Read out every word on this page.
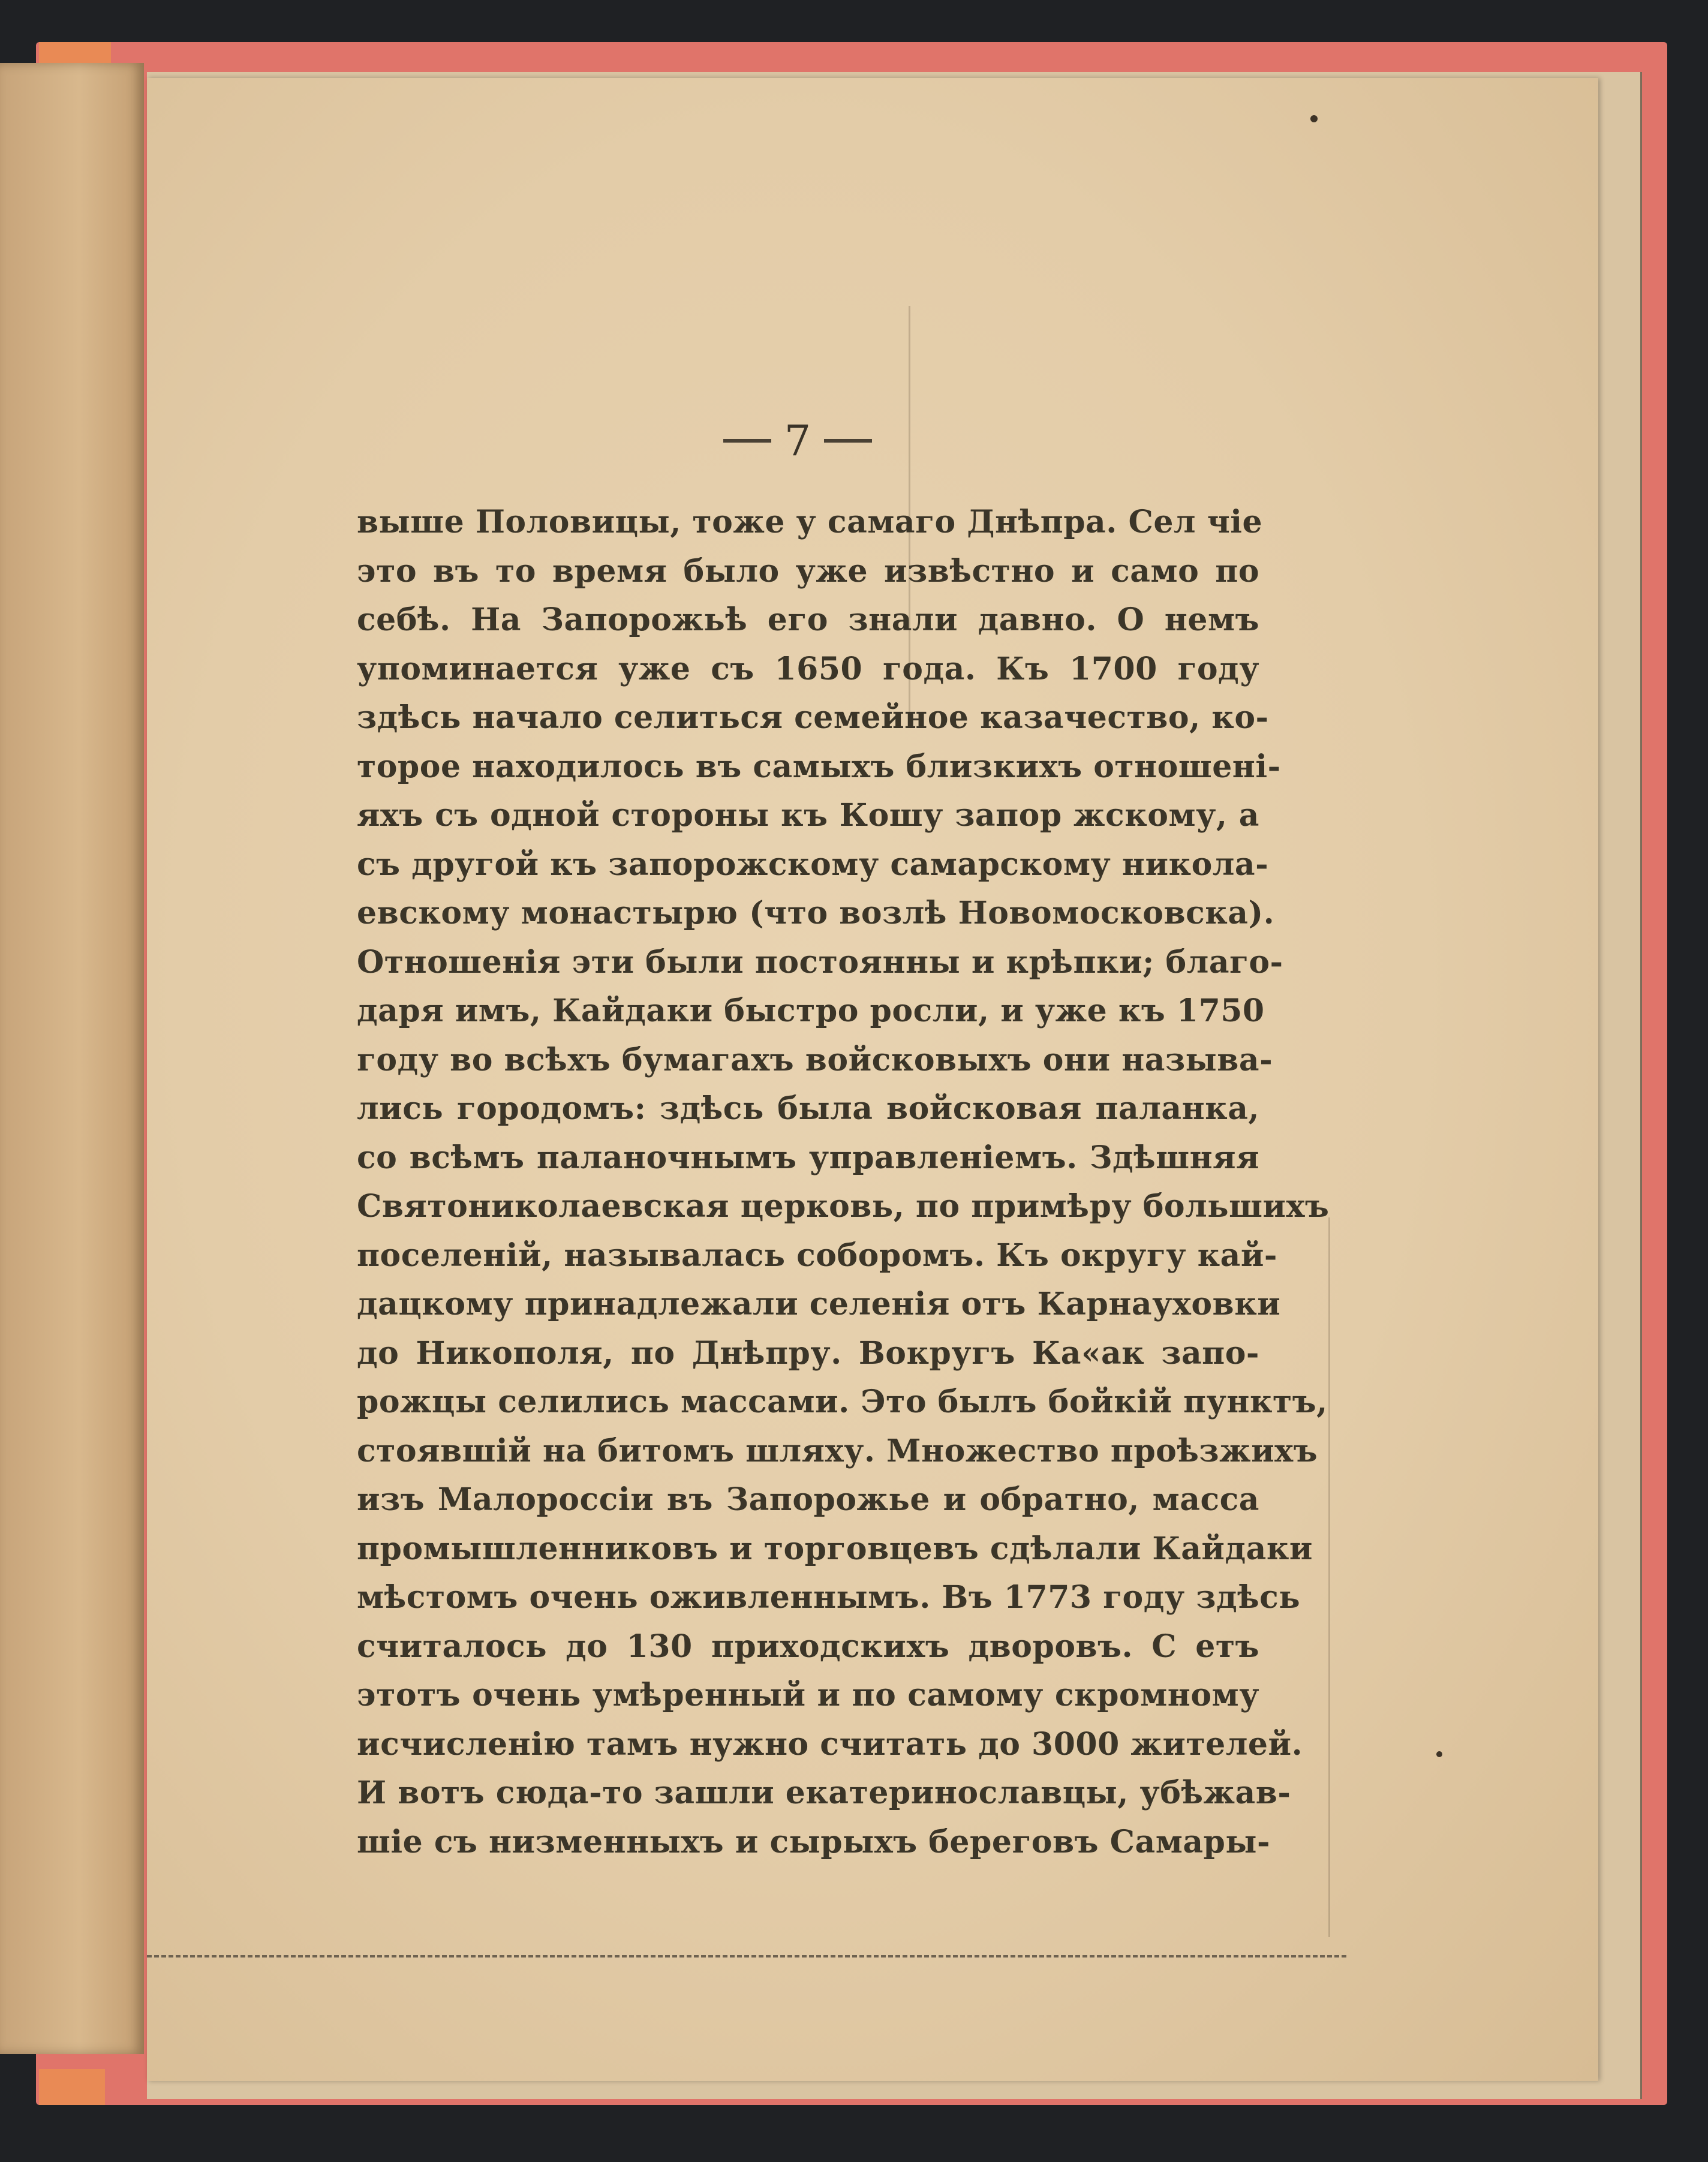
7
выше Половицы, тоже у самаго Днѣпра. Сел чіе
это въ то время было уже извѣстно и само по
себѣ. На Запорожьѣ его знали давно. О немъ
упоминается уже съ 1650 года. Къ 1700 году
здѣсь начало селиться семейное казачество, ко-
торое находилось въ самыхъ близкихъ отношені-
яхъ съ одной стороны къ Кошу запор жскому, а
съ другой къ запорожскому самарскому никола-
евскому монастырю (что возлѣ Новомосковска).
Отношенія эти были постоянны и крѣпки; благо-
даря имъ, Кайдаки быстро росли, и уже къ 1750
году во всѣхъ бумагахъ войсковыхъ они называ-
лись городомъ: здѣсь была войсковая паланка,
со всѣмъ паланочнымъ управленіемъ. Здѣшняя
Святониколаевская церковь, по примѣру большихъ
поселеній, называлась соборомъ. Къ округу кай-
дацкому принадлежали селенія отъ Карнауховки
до Никополя, по Днѣпру. Вокругъ Ка«ак запо-
рожцы селились массами. Это былъ бойкій пунктъ,
стоявшій на битомъ шляху. Множество проѣзжихъ
изъ Малороссіи въ Запорожье и обратно, масса
промышленниковъ и торговцевъ сдѣлали Кайдаки
мѣстомъ очень оживленнымъ. Въ 1773 году здѣсь
считалось до 130 приходскихъ дворовъ. С етъ
этотъ очень умѣренный и по самому скромному
исчисленію тамъ нужно считать до 3000 жителей.
И вотъ сюда-то зашли екатеринославцы, убѣжав-
шіе съ низменныхъ и сырыхъ береговъ Самары-
